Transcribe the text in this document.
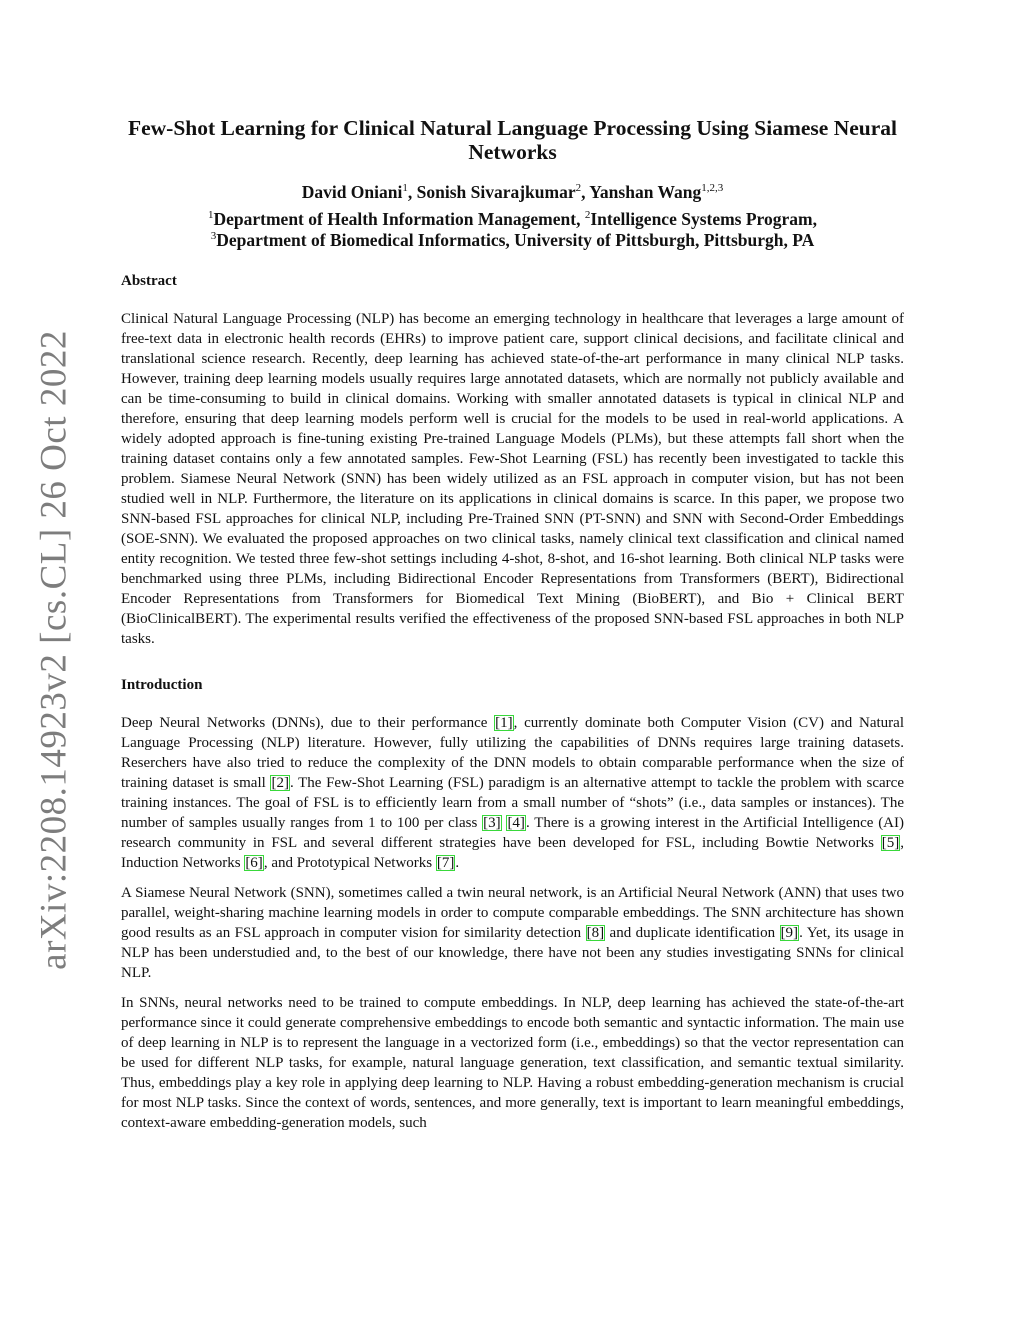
arXiv:2208.14923v2 [cs.CL] 26 Oct 2022
Few-Shot Learning for Clinical Natural Language Processing Using Siamese Neural Networks
David Oniani$^1$, Sonish Sivarajkumar$^2$, Yanshan Wang$^{1,2,3}$
$^1$Department of Health Information Management, $^2$Intelligence Systems Program,
$^3$Department of Biomedical Informatics, University of Pittsburgh, Pittsburgh, PA
Abstract

Clinical Natural Language Processing (NLP) has become an emerging technology in healthcare that leverages a large amount of free-text data in electronic health records (EHRs) to improve patient care, support clinical decisions, and facilitate clinical and translational science research. Recently, deep learning has achieved state-of-the-art performance in many clinical NLP tasks. However, training deep learning models usually requires large annotated datasets, which are normally not publicly available and can be time-consuming to build in clinical domains. Working with smaller annotated datasets is typical in clinical NLP and therefore, ensuring that deep learning models perform well is crucial for the models to be used in real-world applications. A widely adopted approach is fine-tuning existing Pre-trained Language Models (PLMs), but these attempts fall short when the training dataset contains only a few annotated samples. Few-Shot Learning (FSL) has recently been investigated to tackle this problem. Siamese Neural Network (SNN) has been widely utilized as an FSL approach in computer vision, but has not been studied well in NLP. Furthermore, the literature on its applications in clinical domains is scarce. In this paper, we propose two SNN-based FSL approaches for clinical NLP, including Pre-Trained SNN (PT-SNN) and SNN with Second-Order Embeddings (SOE-SNN). We evaluated the proposed approaches on two clinical tasks, namely clinical text classification and clinical named entity recognition. We tested three few-shot settings including 4-shot, 8-shot, and 16-shot learning. Both clinical NLP tasks were benchmarked using three PLMs, including Bidirectional Encoder Representations from Transformers (BERT), Bidirectional Encoder Representations from Transformers for Biomedical Text Mining (BioBERT), and Bio + Clinical BERT (BioClinicalBERT). The experimental results verified the effectiveness of the proposed SNN-based FSL approaches in both NLP tasks.

Introduction

Deep Neural Networks (DNNs), due to their performance [1], currently dominate both Computer Vision (CV) and Natural Language Processing (NLP) literature. However, fully utilizing the capabilities of DNNs requires large training datasets. Reserchers have also tried to reduce the complexity of the DNN models to obtain comparable performance when the size of training dataset is small [2]. The Few-Shot Learning (FSL) paradigm is an alternative attempt to tackle the problem with scarce training instances. The goal of FSL is to efficiently learn from a small number of “shots” (i.e., data samples or instances). The number of samples usually ranges from 1 to 100 per class [3] [4]. There is a growing interest in the Artificial Intelligence (AI) research community in FSL and several different strategies have been developed for FSL, including Bowtie Networks [5], Induction Networks [6], and Prototypical Networks [7].

A Siamese Neural Network (SNN), sometimes called a twin neural network, is an Artificial Neural Network (ANN) that uses two parallel, weight-sharing machine learning models in order to compute comparable embeddings. The SNN architecture has shown good results as an FSL approach in computer vision for similarity detection [8] and duplicate identification [9]. Yet, its usage in NLP has been understudied and, to the best of our knowledge, there have not been any studies investigating SNNs for clinical NLP.

In SNNs, neural networks need to be trained to compute embeddings. In NLP, deep learning has achieved the state-of-the-art performance since it could generate comprehensive embeddings to encode both semantic and syntactic information. The main use of deep learning in NLP is to represent the language in a vectorized form (i.e., embeddings) so that the vector representation can be used for different NLP tasks, for example, natural language generation, text classification, and semantic textual similarity. Thus, embeddings play a key role in applying deep learning to NLP. Having a robust embedding-generation mechanism is crucial for most NLP tasks. Since the context of words, sentences, and more generally, text is important to learn meaningful embeddings, context-aware embedding-generation models, such
